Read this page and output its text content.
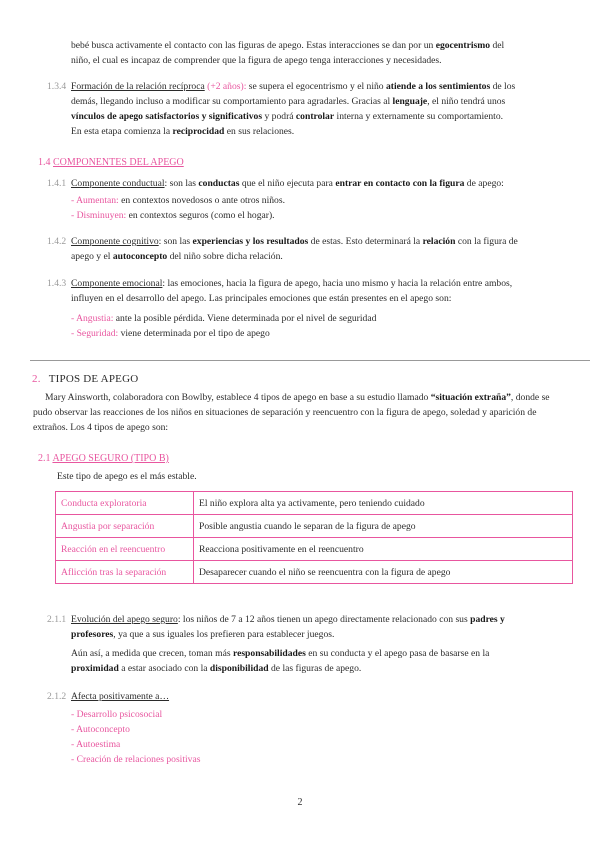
bebé busca activamente el contacto con las figuras de apego. Estas interacciones se dan por un egocentrismo del
niño, el cual es incapaz de comprender que la figura de apego tenga interacciones y necesidades.
1.3.4 Formación de la relación recíproca (+2 años): se supera el egocentrismo y el niño atiende a los sentimientos de los
demás, llegando incluso a modificar su comportamiento para agradarles. Gracias al lenguaje, el niño tendrá unos
vínculos de apego satisfactorios y significativos y podrá controlar interna y externamente su comportamiento.
En esta etapa comienza la reciprocidad en sus relaciones.
1.4 COMPONENTES DEL APEGO
1.4.1 Componente conductual: son las conductas que el niño ejecuta para entrar en contacto con la figura de apego:
- Aumentan: en contextos novedosos o ante otros niños.
- Disminuyen: en contextos seguros (como el hogar).
1.4.2 Componente cognitivo: son las experiencias y los resultados de estas. Esto determinará la relación con la figura de
apego y el autoconcepto del niño sobre dicha relación.
1.4.3 Componente emocional: las emociones, hacia la figura de apego, hacia uno mismo y hacia la relación entre ambos,
influyen en el desarrollo del apego. Las principales emociones que están presentes en el apego son:
- Angustia: ante la posible pérdida. Viene determinada por el nivel de seguridad
- Seguridad: viene determinada por el tipo de apego
2. TIPOS DE APEGO
Mary Ainsworth, colaboradora con Bowlby, establece 4 tipos de apego en base a su estudio llamado “situación extraña”, donde se
pudo observar las reacciones de los niños en situaciones de separación y reencuentro con la figura de apego, soledad y aparición de
extraños. Los 4 tipos de apego son:
2.1 APEGO SEGURO (TIPO B)
Este tipo de apego es el más estable.
Conducta exploratoria	El niño explora alta ya activamente, pero teniendo cuidado
Angustia por separación	Posible angustia cuando le separan de la figura de apego
Reacción en el reencuentro	Reacciona positivamente en el reencuentro
Aflicción tras la separación	Desaparecer cuando el niño se reencuentra con la figura de apego
2.1.1 Evolución del apego seguro: los niños de 7 a 12 años tienen un apego directamente relacionado con sus padres y
profesores, ya que a sus iguales los prefieren para establecer juegos.
Aún así, a medida que crecen, toman más responsabilidades en su conducta y el apego pasa de basarse en la
proximidad a estar asociado con la disponibilidad de las figuras de apego.
2.1.2 Afecta positivamente a…
- Desarrollo psicosocial
- Autoconcepto
- Autoestima
- Creación de relaciones positivas
2
